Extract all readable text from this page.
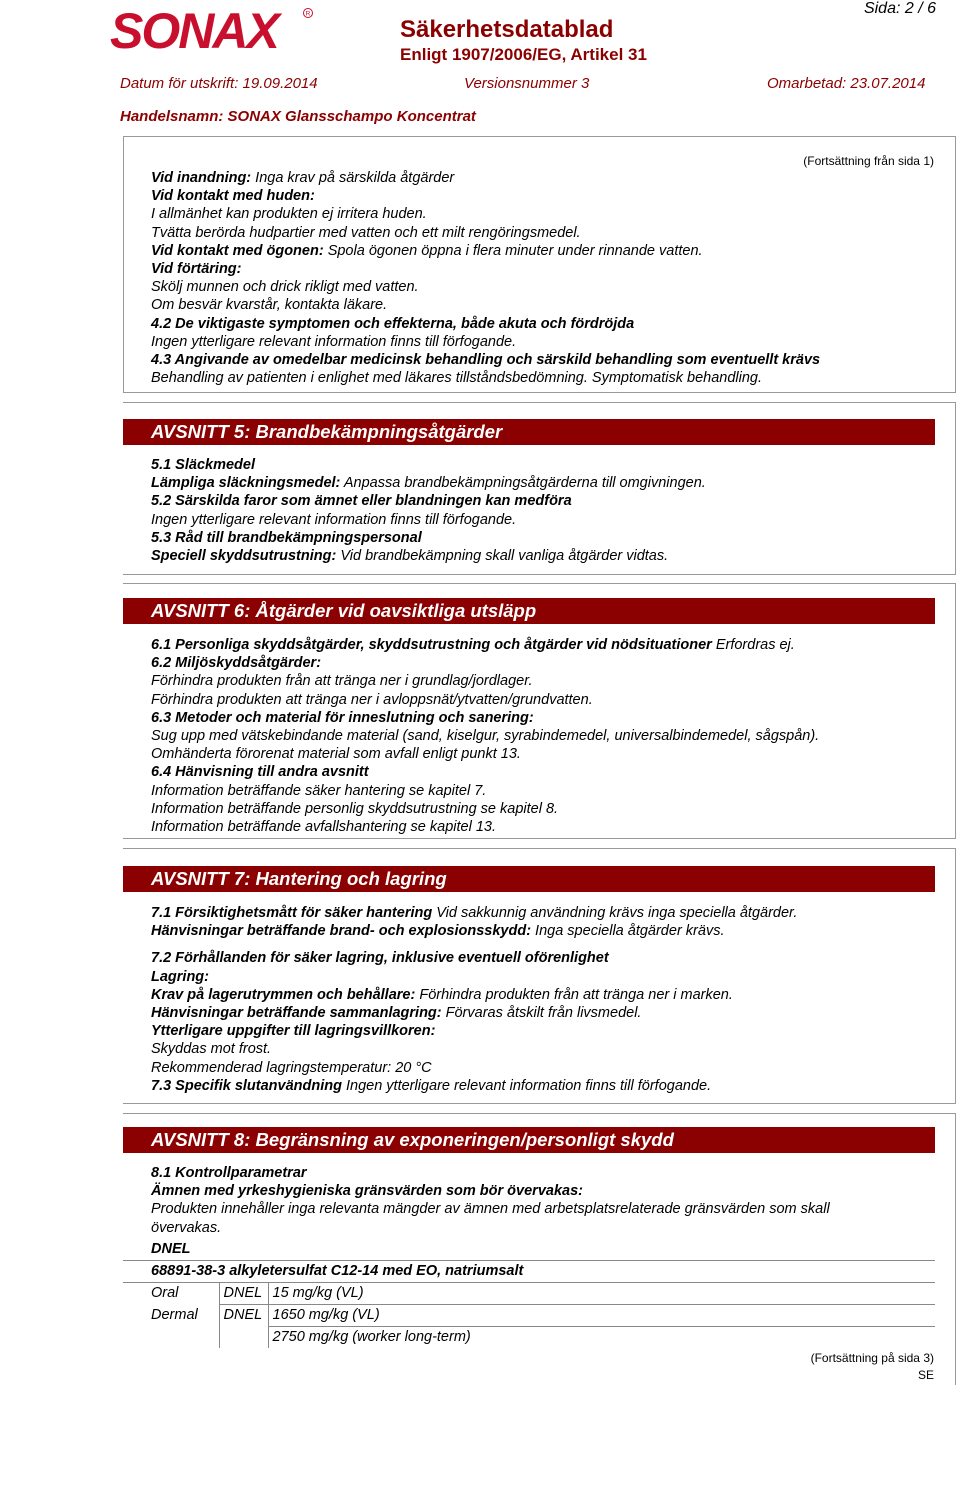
SONAX	R
Säkerhetsdatablad
Enligt 1907/2006/EG, Artikel 31
Sida: 2 / 6
Datum för utskrift: 19.09.2014	Versionsnummer 3	Omarbetad: 23.07.2014
Handelsnamn: SONAX Glansschampo Koncentrat
(Fortsättning från sida 1)
Vid inandning: Inga krav på särskilda åtgärder
Vid kontakt med huden:
I allmänhet kan produkten ej irritera huden.
Tvätta berörda hudpartier med vatten och ett milt rengöringsmedel.
Vid kontakt med ögonen: Spola ögonen öppna i flera minuter under rinnande vatten.
Vid förtäring:
Skölj munnen och drick rikligt med vatten.
Om besvär kvarstår, kontakta läkare.
4.2 De viktigaste symptomen och effekterna, både akuta och fördröjda
Ingen ytterligare relevant information finns till förfogande.
4.3 Angivande av omedelbar medicinsk behandling och särskild behandling som eventuellt krävs
Behandling av patienten i enlighet med läkares tillståndsbedömning. Symptomatisk behandling.
AVSNITT 5: Brandbekämpningsåtgärder
5.1 Släckmedel
Lämpliga släckningsmedel: Anpassa brandbekämpningsåtgärderna till omgivningen.
5.2 Särskilda faror som ämnet eller blandningen kan medföra
Ingen ytterligare relevant information finns till förfogande.
5.3 Råd till brandbekämpningspersonal
Speciell skyddsutrustning: Vid brandbekämpning skall vanliga åtgärder vidtas.
AVSNITT 6: Åtgärder vid oavsiktliga utsläpp
6.1 Personliga skyddsåtgärder, skyddsutrustning och åtgärder vid nödsituationer Erfordras ej.
6.2 Miljöskyddsåtgärder:
Förhindra produkten från att tränga ner i grundlag/jordlager.
Förhindra produkten att tränga ner i avloppsnät/ytvatten/grundvatten.
6.3 Metoder och material för inneslutning och sanering:
Sug upp med vätskebindande material (sand, kiselgur, syrabindemedel, universalbindemedel, sågspån).
Omhänderta förorenat material som avfall enligt punkt 13.
6.4 Hänvisning till andra avsnitt
Information beträffande säker hantering se kapitel 7.
Information beträffande personlig skyddsutrustning se kapitel 8.
Information beträffande avfallshantering se kapitel 13.
AVSNITT 7: Hantering och lagring
7.1 Försiktighetsmått för säker hantering Vid sakkunnig användning krävs inga speciella åtgärder.
Hänvisningar beträffande brand- och explosionsskydd: Inga speciella åtgärder krävs.
7.2 Förhållanden för säker lagring, inklusive eventuell oförenlighet
Lagring:
Krav på lagerutrymmen och behållare: Förhindra produkten från att tränga ner i marken.
Hänvisningar beträffande sammanlagring: Förvaras åtskilt från livsmedel.
Ytterligare uppgifter till lagringsvillkoren:
Skyddas mot frost.
Rekommenderad lagringstemperatur: 20 °C
7.3 Specifik slutanvändning Ingen ytterligare relevant information finns till förfogande.
AVSNITT 8: Begränsning av exponeringen/personligt skydd
8.1 Kontrollparametrar
Ämnen med yrkeshygieniska gränsvärden som bör övervakas:
Produkten innehåller inga relevanta mängder av ämnen med arbetsplatsrelaterade gränsvärden som skall
övervakas.
DNEL		
68891-38-3 alkyletersulfat C12-14 med EO, natriumsalt		
Oral	DNEL	15 mg/kg (VL)
Dermal	DNEL	1650 mg/kg (VL)
		2750 mg/kg (worker long-term)
(Fortsättning på sida 3)
SE
